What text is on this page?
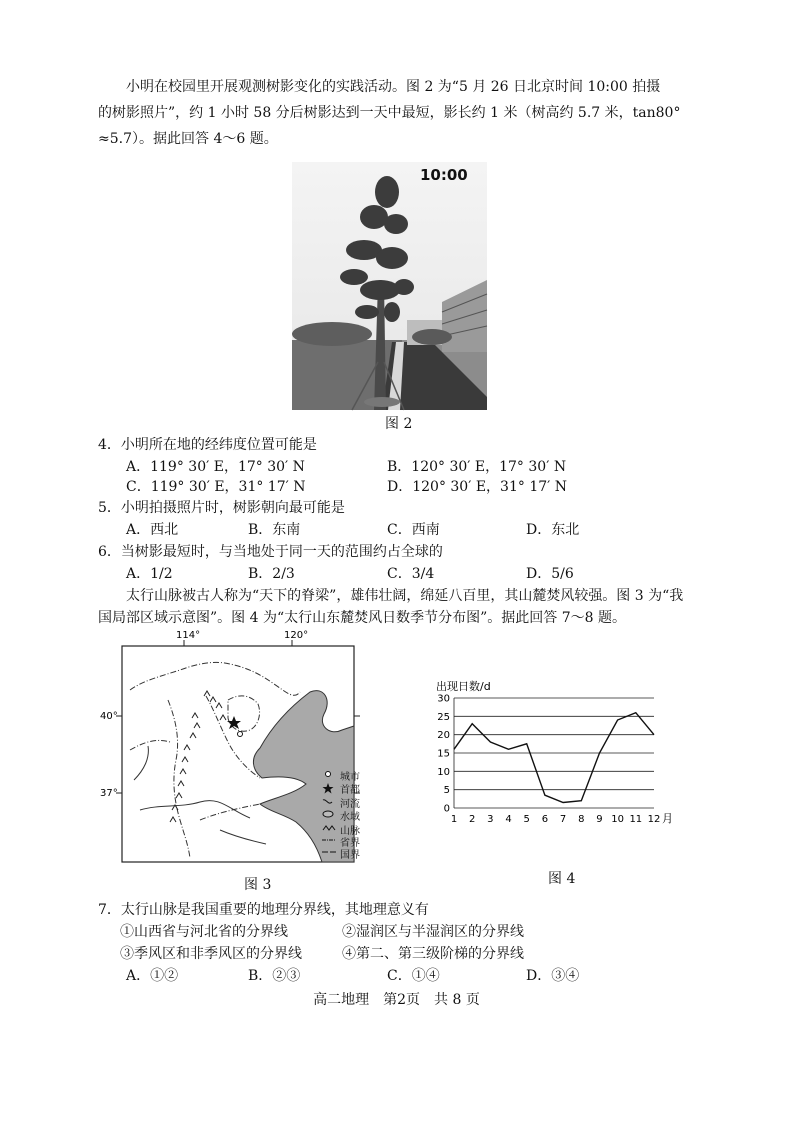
小明在校园里开展观测树影变化的实践活动。图 2 为“5 月 26 日北京时间 10:00 拍摄
的树影照片”，约 1 小时 58 分后树影达到一天中最短，影长约 1 米（树高约 5.7 米，tan80°
≈5.7）。据此回答 4～6 题。
10:00
图 2
4．小明所在地的经纬度位置可能是
A．119° 30′ E，17° 30′ N	B．120° 30′ E，17° 30′ N
C．119° 30′ E，31° 17′ N	D．120° 30′ E，31° 17′ N
5．小明拍摄照片时，树影朝向最可能是
A．西北	B．东南	C．西南	D．东北
6．当树影最短时，与当地处于同一天的范围约占全球的
A．1/2	B．2/3	C．3/4	D．5/6
太行山脉被古人称为“天下的脊梁”，雄伟壮阔，绵延八百里，其山麓焚风较强。图 3 为“我
国局部区域示意图”。图 4 为“太行山东麓焚风日数季节分布图”。据此回答 7～8 题。
114°	120°
40°
37°
城市
首都
河流
水域
山脉
省界
国界
图 3
出现日数/d
0
5
10
15
20
25
30
1 2 3 4 5 6 7 8 9 10 11 12 月
图 4
7．太行山脉是我国重要的地理分界线，其地理意义有
①山西省与河北省的分界线	②湿润区与半湿润区的分界线
③季风区和非季风区的分界线	④第二、第三级阶梯的分界线
A．①②	B．②③	C．①④	D．③④
高二地理　第2页　共 8 页
